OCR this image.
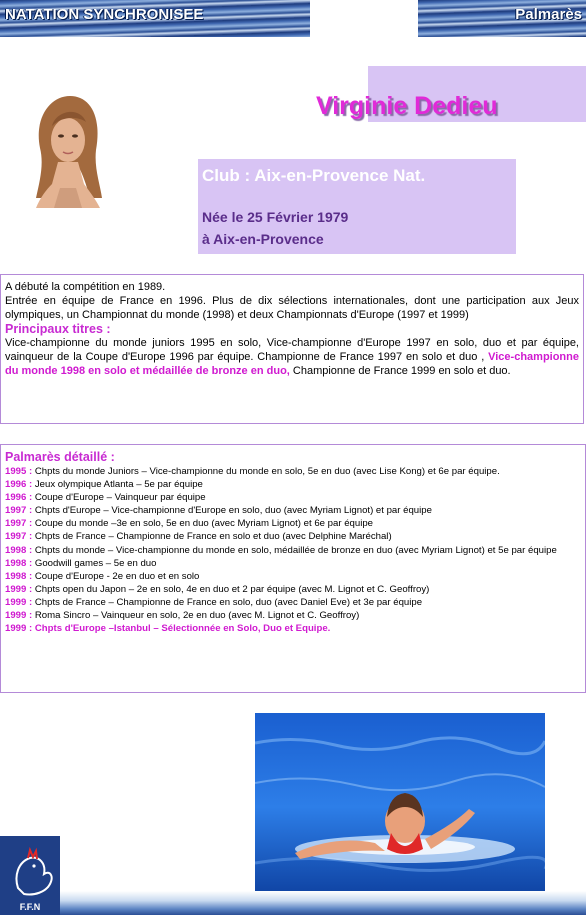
NATATION SYNCHRONISEE	Palmarès
Virginie Dedieu
Club : Aix-en-Provence Nat.
Née le 25 Février 1979
à Aix-en-Provence
A débuté la compétition en 1989.
Entrée en équipe de France en 1996. Plus de dix sélections internationales, dont une participation aux Jeux olympiques, un Championnat du monde (1998) et deux Championnats d'Europe (1997 et 1999)
Principaux titres :
Vice-championne du monde juniors 1995 en solo, Vice-championne d'Europe 1997 en solo, duo et par équipe, vainqueur de la Coupe d'Europe 1996 par équipe. Championne de France 1997 en solo et duo , Vice-championne du monde 1998 en solo et médaillée de bronze en duo, Championne de France 1999 en solo et duo.
Palmarès détaillé :
1995 : Chpts du monde Juniors – Vice-championne du monde en solo, 5e en duo (avec Lise Kong) et 6e par équipe.
1996 : Jeux olympique Atlanta – 5e par équipe
1996 : Coupe d'Europe – Vainqueur par équipe
1997 : Chpts d'Europe – Vice-championne d'Europe en solo, duo (avec Myriam Lignot) et par équipe
1997 : Coupe du monde –3e en solo, 5e en duo (avec Myriam Lignot) et 6e par équipe
1997 : Chpts de France – Championne de France en solo et duo (avec Delphine Maréchal)
1998 : Chpts du monde – Vice-championne du monde en solo, médaillée de bronze en duo (avec Myriam Lignot) et 5e par équipe
1998 : Goodwill games – 5e en duo
1998 : Coupe d'Europe - 2e en duo et en solo
1999 : Chpts open du Japon – 2e en solo, 4e en duo et 2 par équipe (avec M. Lignot et C. Geoffroy)
1999 : Chpts de France – Championne de France en solo, duo (avec Daniel Eve) et 3e par équipe
1999 : Roma Sincro – Vainqueur en solo, 2e en duo (avec M. Lignot et C. Geoffroy)
1999 : Chpts d'Europe –Istanbul – Sélectionnée en Solo, Duo et Equipe.
F.F.N
